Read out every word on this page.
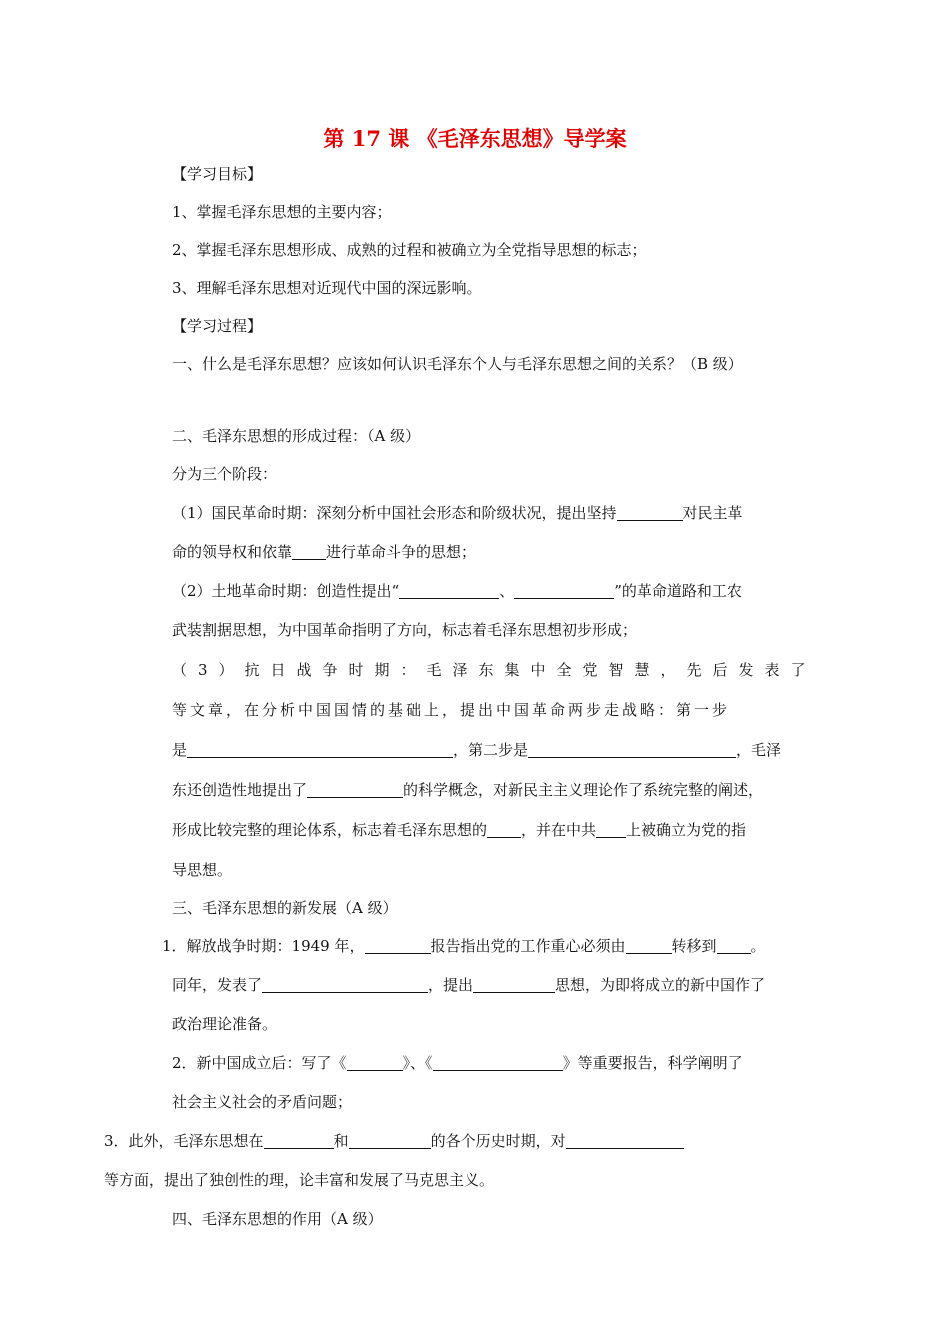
第 17 课 《毛泽东思想》导学案
【学习目标】
1、掌握毛泽东思想的主要内容；
2、掌握毛泽东思想形成、成熟的过程和被确立为全党指导思想的标志；
3、理解毛泽东思想对近现代中国的深远影响。
【学习过程】
一、什么是毛泽东思想？应该如何认识毛泽东个人与毛泽东思想之间的关系？（B 级）
二、毛泽东思想的形成过程：（A 级）
分为三个阶段：
（1）国民革命时期：深刻分析中国社会形态和阶级状况，提出坚持	对民主革
命的领导权和依靠 进行革命斗争的思想；
（2）土地革命时期：创造性提出“	、	”的革命道路和工农
武装割据思想，为中国革命指明了方向，标志着毛泽东思想初步形成；
（3）抗日战争时期：毛泽东集中全党智慧，先后发表了
等文章，在分析中国国情的基础上，提出中国革命两步走战略：第一步
是	，第二步是	，毛泽
东还创造性地提出了	的科学概念，对新民主主义理论作了系统完整的阐述，
形成比较完整的理论体系，标志着毛泽东思想的 ，并在中共 上被确立为党的指
导思想。
三、毛泽东思想的新发展（A 级）
1．解放战争时期：1949 年，	报告指出党的工作重心必须由	转移到 。
同年，发表了	，提出	思想，为即将成立的新中国作了
政治理论准备。
2．新中国成立后：写了《	》、《	》等重要报告，科学阐明了
社会主义社会的矛盾问题；
3．此外，毛泽东思想在	和	的各个历史时期，对
等方面，提出了独创性的理，论丰富和发展了马克思主义。
四、毛泽东思想的作用（A 级）
